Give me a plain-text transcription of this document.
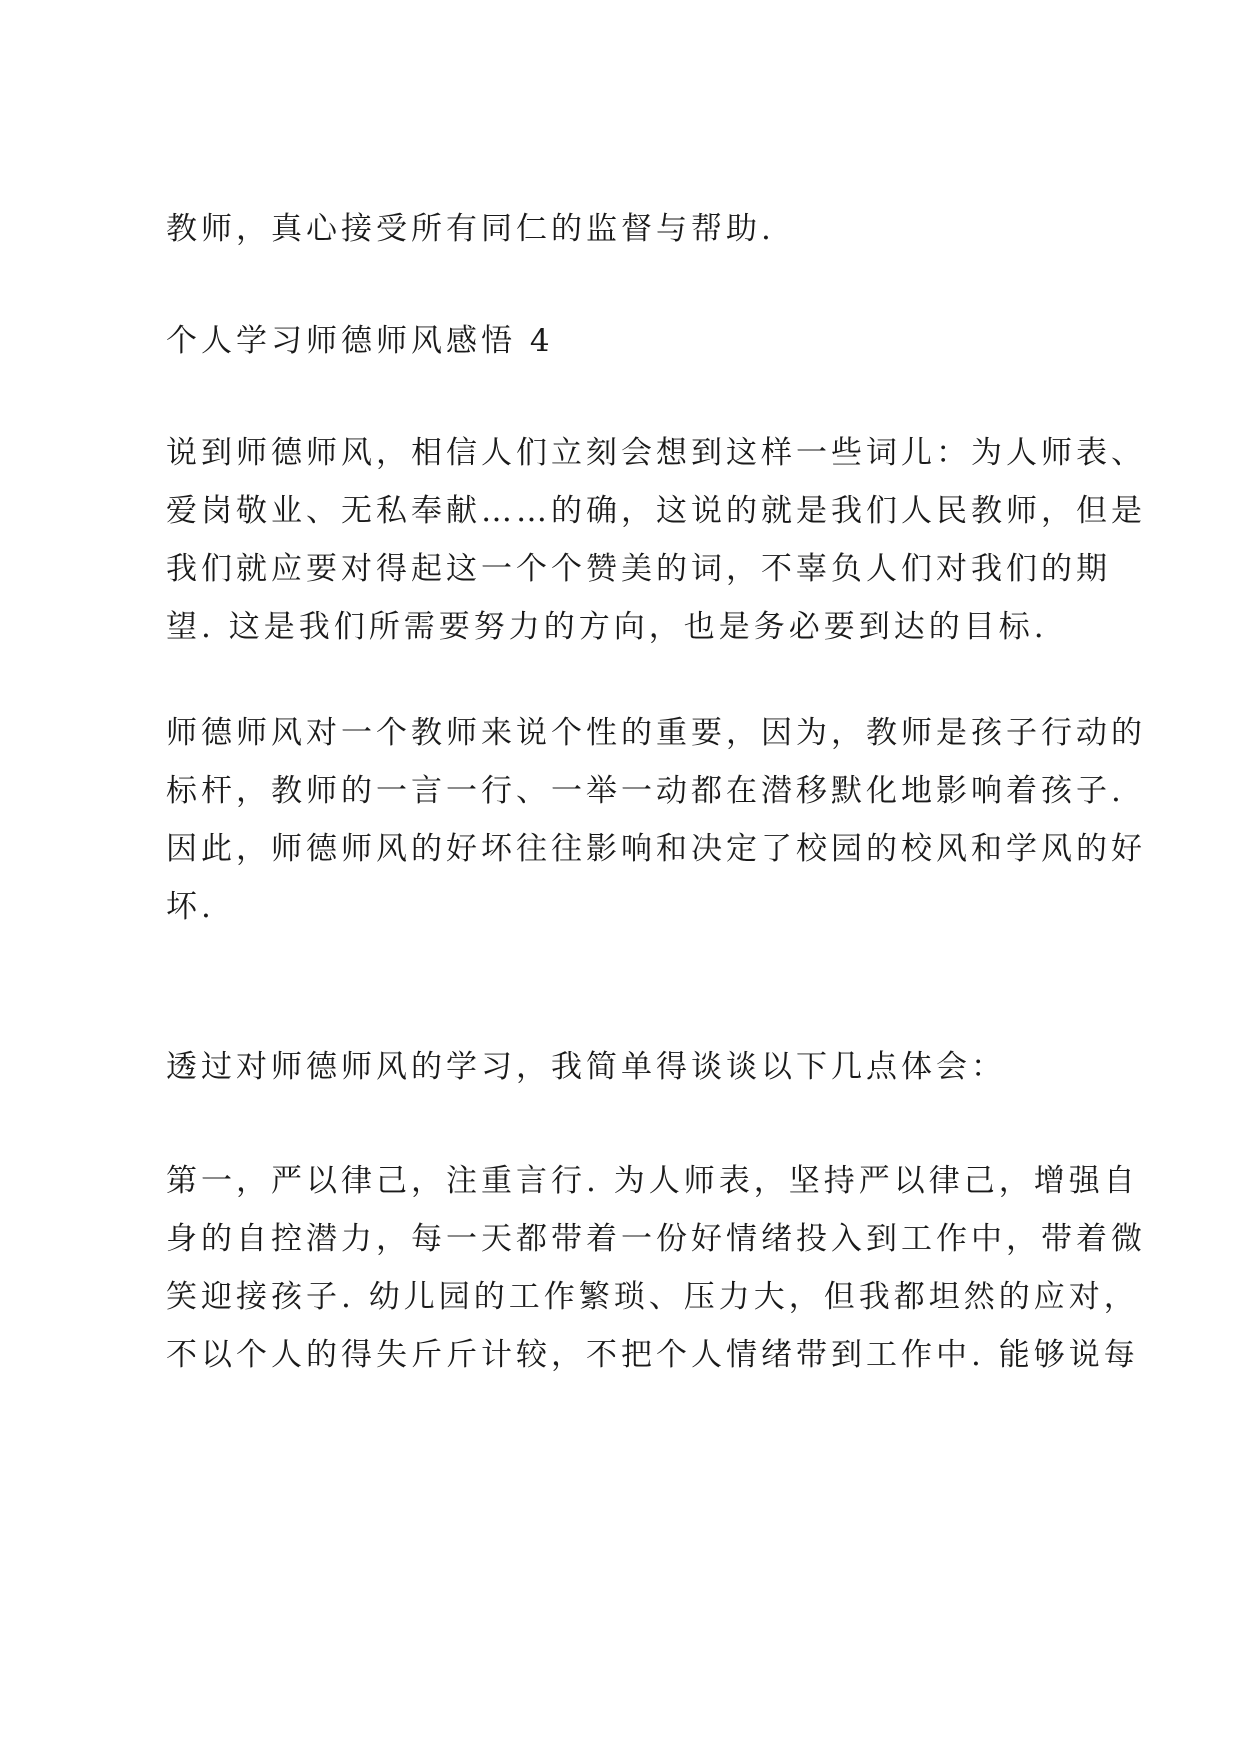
教师，真心接受所有同仁的监督与帮助.
个人学习师德师风感悟 4
说到师德师风，相信人们立刻会想到这样一些词儿：为人师表、
爱岗敬业、无私奉献……的确，这说的就是我们人民教师，但是
我们就应要对得起这一个个赞美的词，不辜负人们对我们的期
望. 这是我们所需要努力的方向，也是务必要到达的目标.
师德师风对一个教师来说个性的重要，因为，教师是孩子行动的
标杆，教师的一言一行、一举一动都在潜移默化地影响着孩子.
因此，师德师风的好坏往往影响和决定了校园的校风和学风的好
坏.
透过对师德师风的学习，我简单得谈谈以下几点体会：
第一，严以律己，注重言行. 为人师表，坚持严以律己，增强自
身的自控潜力，每一天都带着一份好情绪投入到工作中，带着微
笑迎接孩子. 幼儿园的工作繁琐、压力大，但我都坦然的应对，
不以个人的得失斤斤计较，不把个人情绪带到工作中. 能够说每
